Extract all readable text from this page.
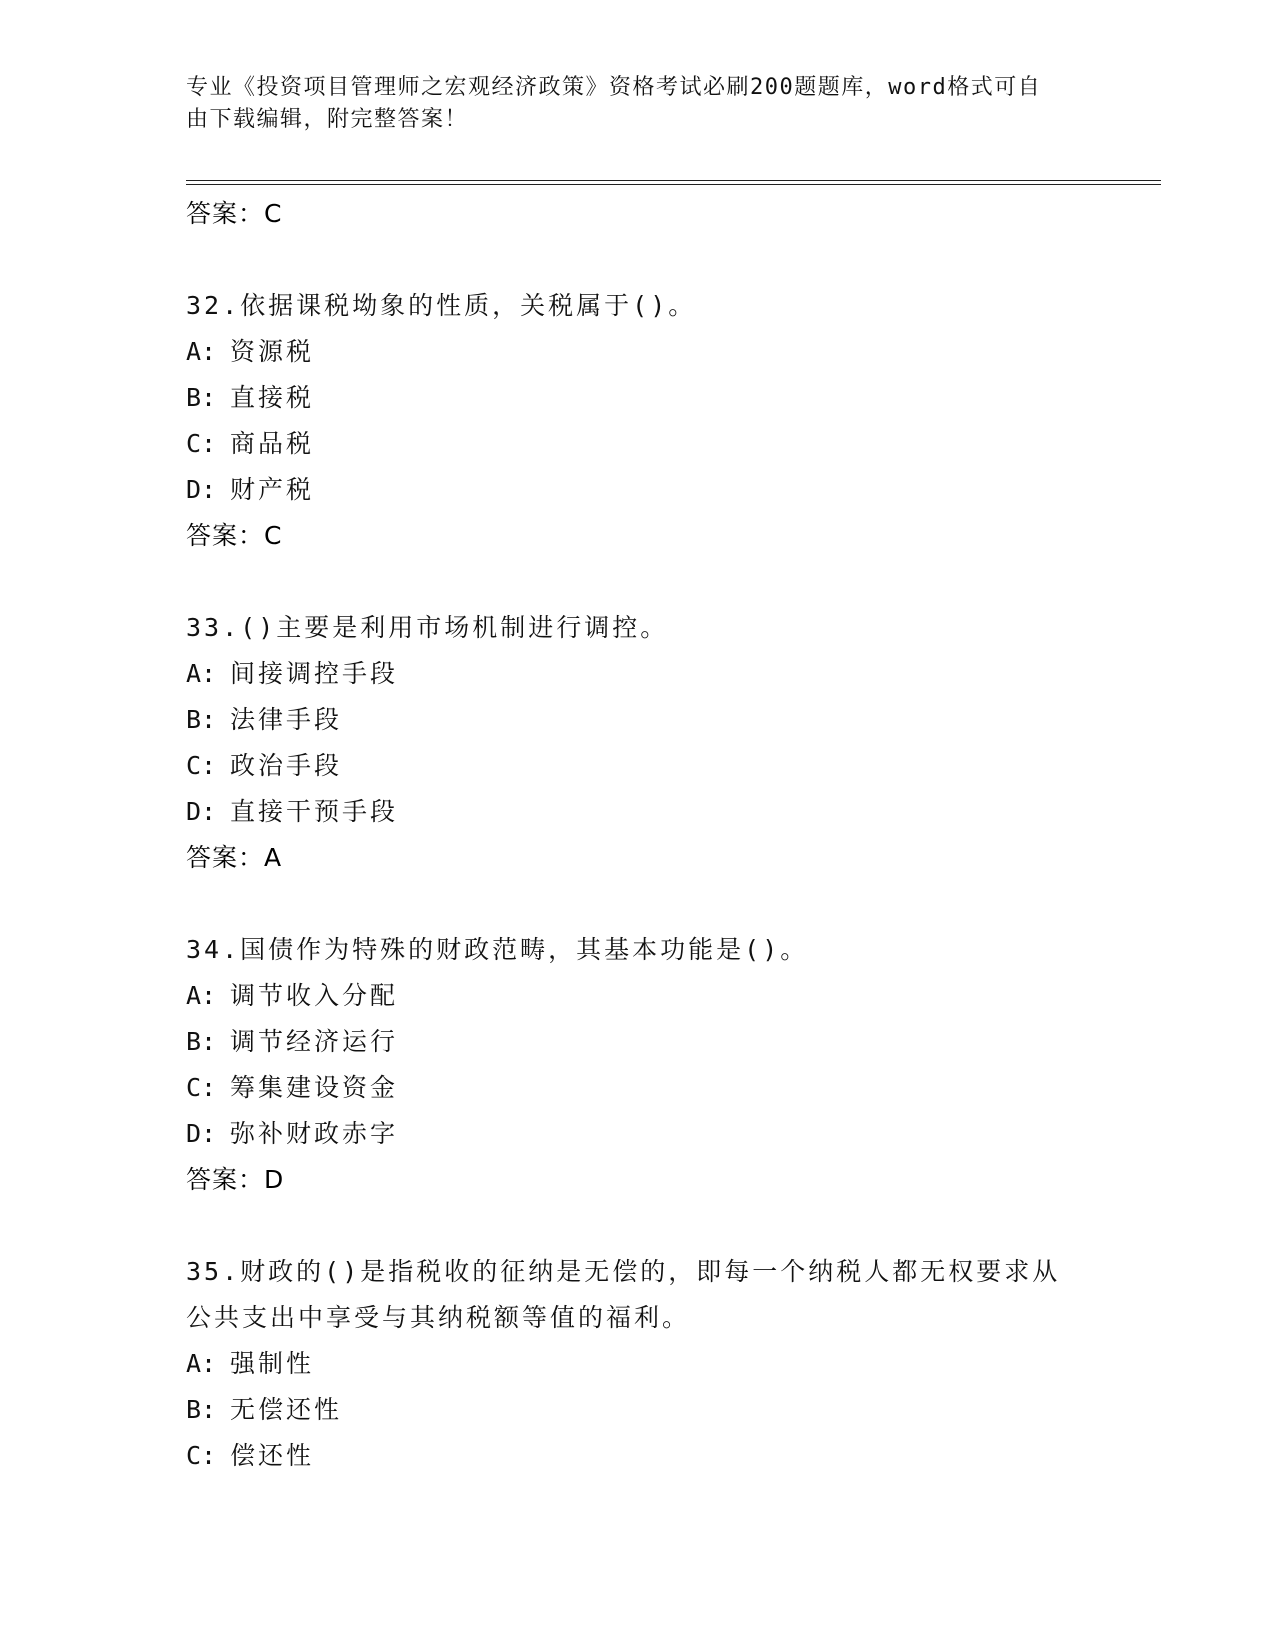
专业《投资项目管理师之宏观经济政策》资格考试必刷200题题库，word格式可自由下载编辑，附完整答案！
答案：C
32.依据课税坳象的性质，关税属于()。
A: 资源税
B: 直接税
C: 商品税
D: 财产税
答案：C
33.()主要是利用市场机制进行调控。
A: 间接调控手段
B: 法律手段
C: 政治手段
D: 直接干预手段
答案：A
34.国债作为特殊的财政范畴，其基本功能是()。
A: 调节收入分配
B: 调节经济运行
C: 筹集建设资金
D: 弥补财政赤字
答案：D
35.财政的()是指税收的征纳是无偿的，即每一个纳税人都无权要求从公共支出中享受与其纳税额等值的福利。
A: 强制性
B: 无偿还性
C: 偿还性
